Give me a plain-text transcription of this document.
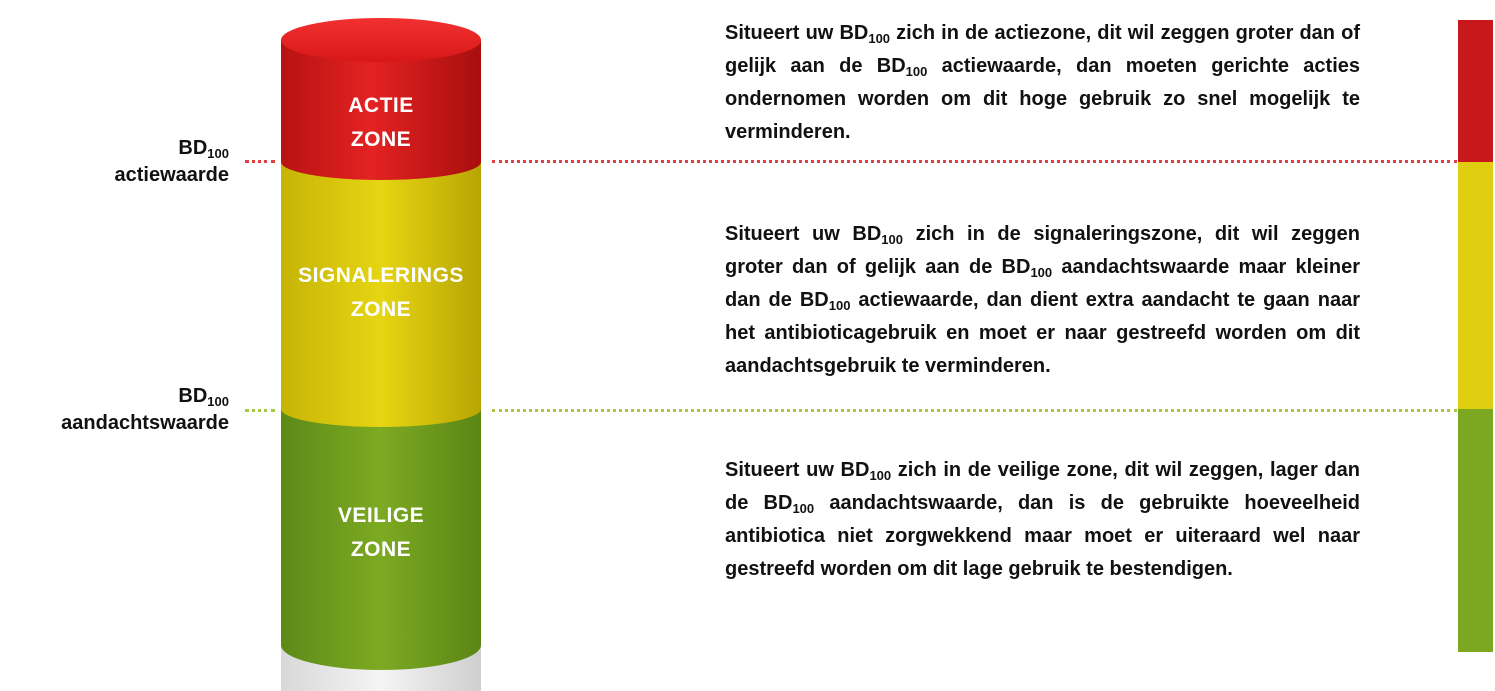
ACTIE
ZONE
SIGNALERINGS
ZONE
VEILIGE
ZONE
$BD_{100}$
actiewaarde
$BD_{100}$
aandachtswaarde

Situeert uw $BD_{100}$ zich in de actiezone, dit wil zeggen groter dan of gelijk aan de $BD_{100}$ actiewaarde, dan moeten gerichte acties ondernomen worden om dit hoge gebruik zo snel mogelijk te verminderen.

Situeert uw $BD_{100}$ zich in de signaleringszone, dit wil zeggen groter dan of gelijk aan de $BD_{100}$ aandachtswaarde maar kleiner dan de $BD_{100}$ actiewaarde, dan dient extra aandacht te gaan naar het antibioticagebruik en moet er naar gestreefd worden om dit aandachtsgebruik te verminderen.

Situeert uw $BD_{100}$ zich in de veilige zone, dit wil zeggen, lager dan de $BD_{100}$ aandachtswaarde, dan is de gebruikte hoeveelheid antibiotica niet zorgwekkend maar moet er uiteraard wel naar gestreefd worden om dit lage gebruik te bestendigen.
